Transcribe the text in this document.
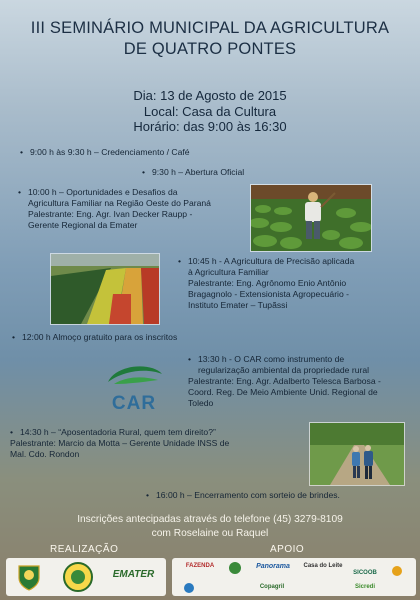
III SEMINÁRIO MUNICIPAL DA AGRICULTURA
DE QUATRO PONTES
Dia: 13 de Agosto de 2015
Local: Casa da Cultura
Horário: das 9:00 às 16:30
• 9:00 h às 9:30 h – Credenciamento / Café
• 9:30 h – Abertura Oficial
• 10:00 h – Oportunidades e Desafios da
Agricultura Familiar na Região Oeste do Paraná
Palestrante: Eng. Agr. Ivan Decker Raupp -
Gerente Regional da Emater
• 10:45 h - A Agricultura de Precisão aplicada
à Agricultura Familiar
Palestrante: Eng. Agrônomo Enio Antônio
Bragagnolo - Extensionista Agropecuário -
Instituto Emater – Tupãssi
• 12:00 h Almoço gratuito para os inscritos
CAR
• 13:30 h - O CAR como instrumento de
regularização ambiental da propriedade rural
Palestrante: Eng. Agr. Adalberto Telesca Barbosa -
Coord. Reg. De Meio Ambiente Unid. Regional de
Toledo
• 14:30 h – “Aposentadoria Rural, quem tem direito?”
Palestrante: Marcio da Motta – Gerente Unidade INSS de
Mal. Cdo. Rondon
• 16:00 h – Encerramento com sorteio de brindes.
Inscrições antecipadas através do telefone (45) 3279-8109
com Roselaine ou Raquel
REALIZAÇÃO	APOIO
EMATER
FAZENDA	Panorama	Casa do Leite
SICOOB
Copagril	Sicredi
